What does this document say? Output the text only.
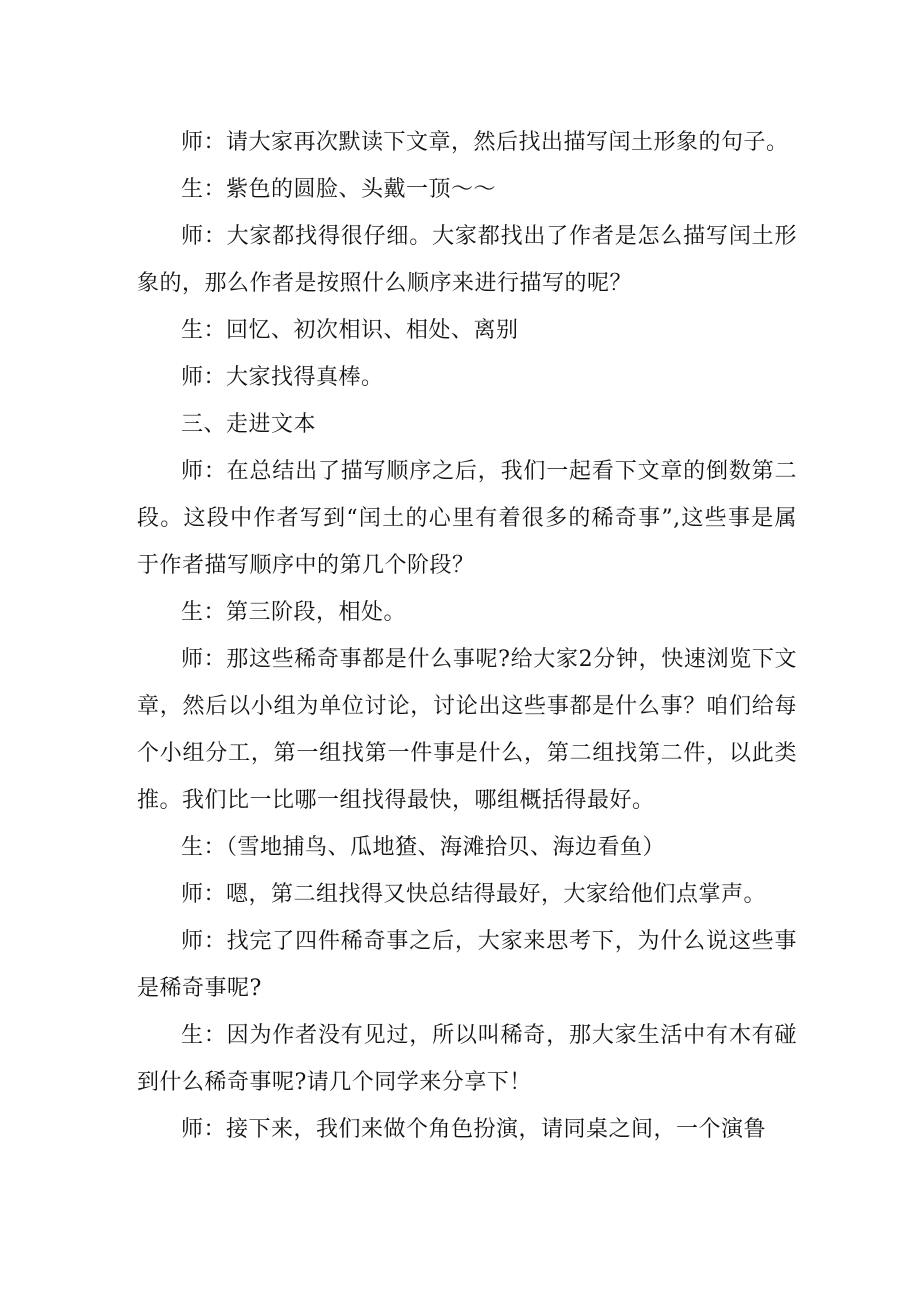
师：请大家再次默读下文章，然后找出描写闰土形象的句子。

生：紫色的圆脸、头戴一顶～～

师：大家都找得很仔细。大家都找出了作者是怎么描写闰土形象的，那么作者是按照什么顺序来进行描写的呢？

生：回忆、初次相识、相处、离别

师：大家找得真棒。

三、走进文本

师：在总结出了描写顺序之后，我们一起看下文章的倒数第二段。这段中作者写到“闰土的心里有着很多的稀奇事”,这些事是属于作者描写顺序中的第几个阶段？

生：第三阶段，相处。

师：那这些稀奇事都是什么事呢?给大家2分钟，快速浏览下文章，然后以小组为单位讨论，讨论出这些事都是什么事？咱们给每个小组分工，第一组找第一件事是什么，第二组找第二件，以此类推。我们比一比哪一组找得最快，哪组概括得最好。

生：（雪地捕鸟、瓜地猹、海滩拾贝、海边看鱼）

师：嗯，第二组找得又快总结得最好，大家给他们点掌声。

师：找完了四件稀奇事之后，大家来思考下，为什么说这些事是稀奇事呢?

生：因为作者没有见过，所以叫稀奇，那大家生活中有木有碰到什么稀奇事呢?请几个同学来分享下！

师：接下来，我们来做个角色扮演，请同桌之间，一个演鲁
